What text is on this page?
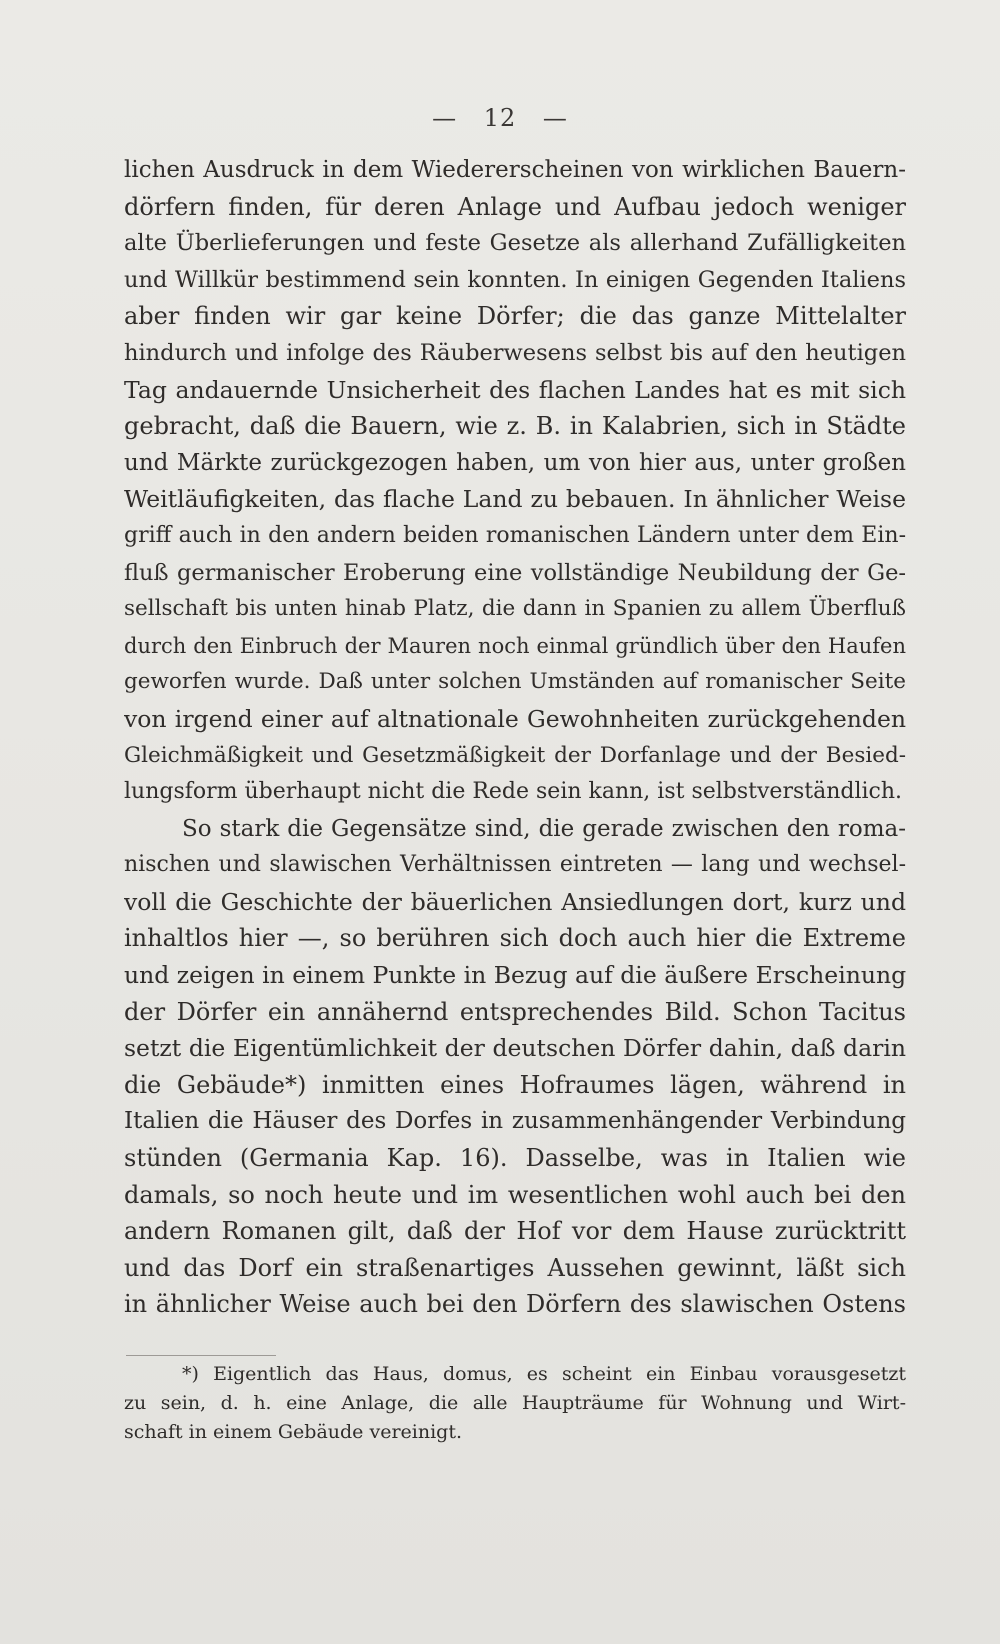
— 12 —
lichen Ausdruck in dem Wiedererscheinen von wirklichen Bauern-
dörfern finden, für deren Anlage und Aufbau jedoch weniger
alte Überlieferungen und feste Gesetze als allerhand Zufälligkeiten
und Willkür bestimmend sein konnten. In einigen Gegenden Italiens
aber finden wir gar keine Dörfer; die das ganze Mittelalter
hindurch und infolge des Räuberwesens selbst bis auf den heutigen
Tag andauernde Unsicherheit des flachen Landes hat es mit sich
gebracht, daß die Bauern, wie z. B. in Kalabrien, sich in Städte
und Märkte zurückgezogen haben, um von hier aus, unter großen
Weitläufigkeiten, das flache Land zu bebauen. In ähnlicher Weise
griff auch in den andern beiden romanischen Ländern unter dem Ein-
fluß germanischer Eroberung eine vollständige Neubildung der Ge-
sellschaft bis unten hinab Platz, die dann in Spanien zu allem Überfluß
durch den Einbruch der Mauren noch einmal gründlich über den Haufen
geworfen wurde. Daß unter solchen Umständen auf romanischer Seite
von irgend einer auf altnationale Gewohnheiten zurückgehenden
Gleichmäßigkeit und Gesetzmäßigkeit der Dorfanlage und der Besied-
lungsform überhaupt nicht die Rede sein kann, ist selbstverständlich.
So stark die Gegensätze sind, die gerade zwischen den roma-
nischen und slawischen Verhältnissen eintreten — lang und wechsel-
voll die Geschichte der bäuerlichen Ansiedlungen dort, kurz und
inhaltlos hier —, so berühren sich doch auch hier die Extreme
und zeigen in einem Punkte in Bezug auf die äußere Erscheinung
der Dörfer ein annähernd entsprechendes Bild. Schon Tacitus
setzt die Eigentümlichkeit der deutschen Dörfer dahin, daß darin
die Gebäude*) inmitten eines Hofraumes lägen, während in
Italien die Häuser des Dorfes in zusammenhängender Verbindung
stünden (Germania Kap. 16). Dasselbe, was in Italien wie
damals, so noch heute und im wesentlichen wohl auch bei den
andern Romanen gilt, daß der Hof vor dem Hause zurücktritt
und das Dorf ein straßenartiges Aussehen gewinnt, läßt sich
in ähnlicher Weise auch bei den Dörfern des slawischen Ostens
*) Eigentlich das Haus, domus, es scheint ein Einbau vorausgesetzt
zu sein, d. h. eine Anlage, die alle Haupträume für Wohnung und Wirt-
schaft in einem Gebäude vereinigt.
